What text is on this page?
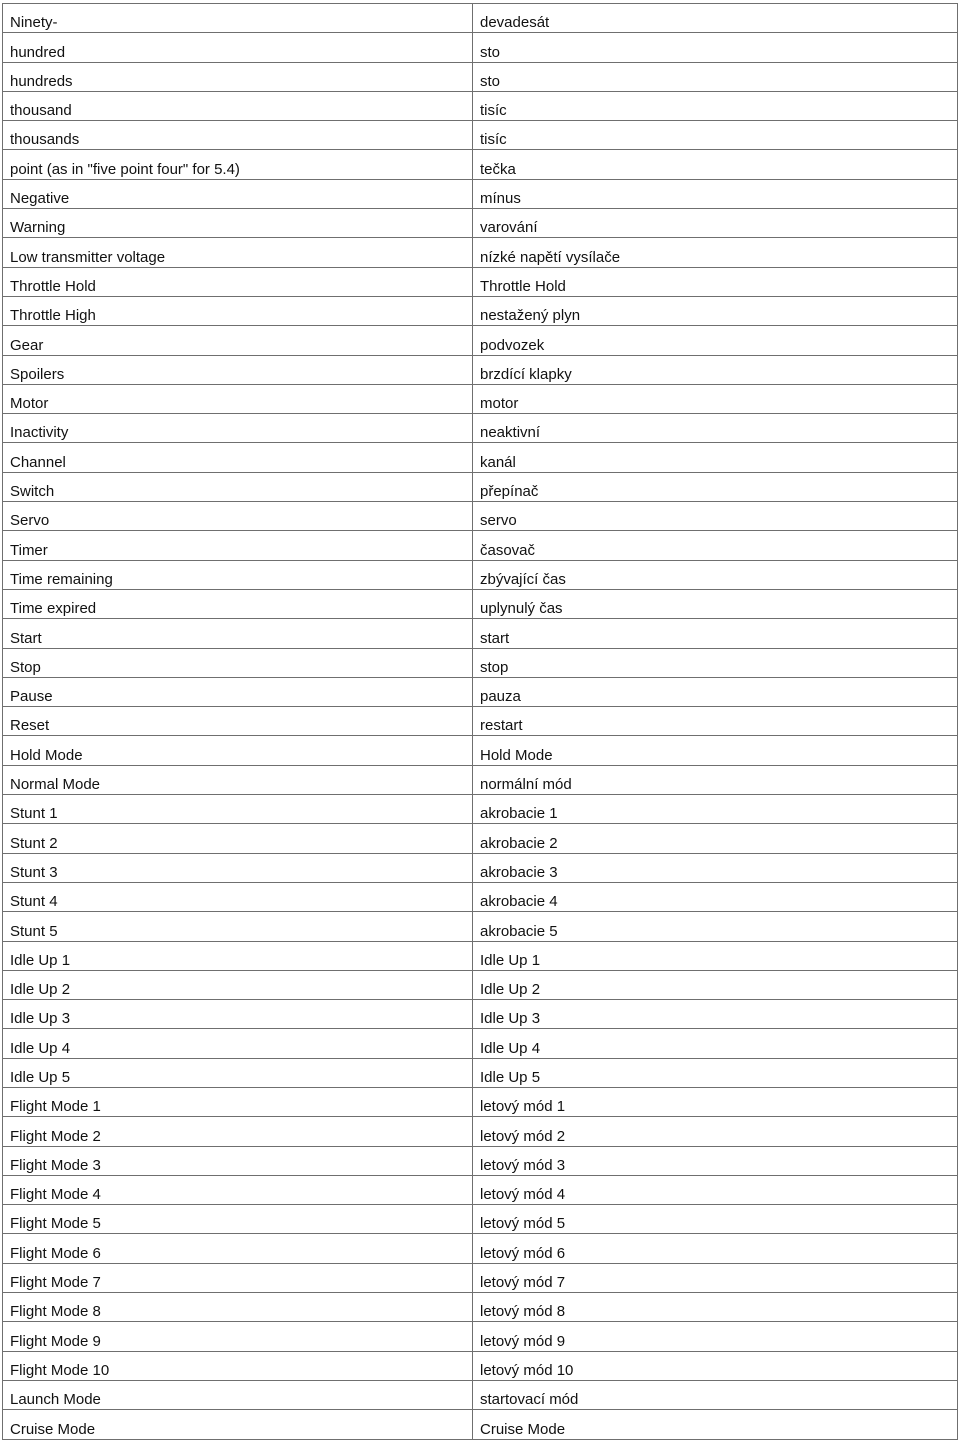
Ninety-	devadesát
hundred	sto
hundreds	sto
thousand	tisíc
thousands	tisíc
point (as in "five point four" for 5.4)	tečka
Negative	mínus
Warning	varování
Low transmitter voltage	nízké napětí vysílače
Throttle Hold	Throttle Hold
Throttle High	nestažený plyn
Gear	podvozek
Spoilers	brzdící klapky
Motor	motor
Inactivity	neaktivní
Channel	kanál
Switch	přepínač
Servo	servo
Timer	časovač
Time remaining	zbývající čas
Time expired	uplynulý čas
Start	start
Stop	stop
Pause	pauza
Reset	restart
Hold Mode	Hold Mode
Normal Mode	normální mód
Stunt 1	akrobacie 1
Stunt 2	akrobacie 2
Stunt 3	akrobacie 3
Stunt 4	akrobacie 4
Stunt 5	akrobacie 5
Idle Up 1	Idle Up 1
Idle Up 2	Idle Up 2
Idle Up 3	Idle Up 3
Idle Up 4	Idle Up 4
Idle Up 5	Idle Up 5
Flight Mode 1	letový mód 1
Flight Mode 2	letový mód 2
Flight Mode 3	letový mód 3
Flight Mode 4	letový mód 4
Flight Mode 5	letový mód 5
Flight Mode 6	letový mód 6
Flight Mode 7	letový mód 7
Flight Mode 8	letový mód 8
Flight Mode 9	letový mód 9
Flight Mode 10	letový mód 10
Launch Mode	startovací mód
Cruise Mode	Cruise Mode
